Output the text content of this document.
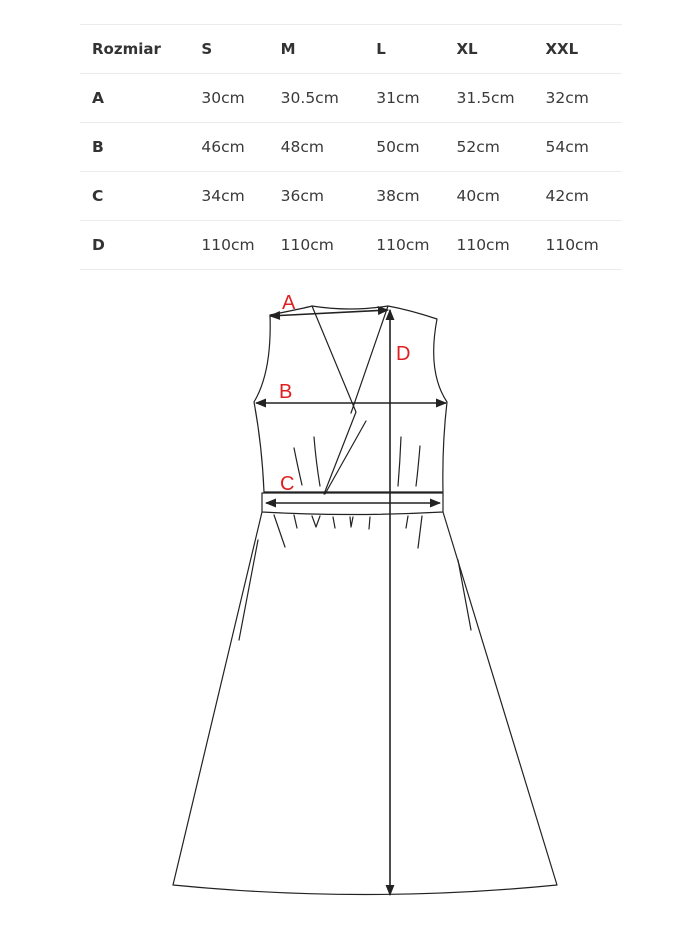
Rozmiar	S	M	L	XL	XXL
A	30cm	30.5cm	31cm	31.5cm	32cm
B	46cm	48cm	50cm	52cm	54cm
C	34cm	36cm	38cm	40cm	42cm
D	110cm	110cm	110cm	110cm	110cm
A
B
C
D
